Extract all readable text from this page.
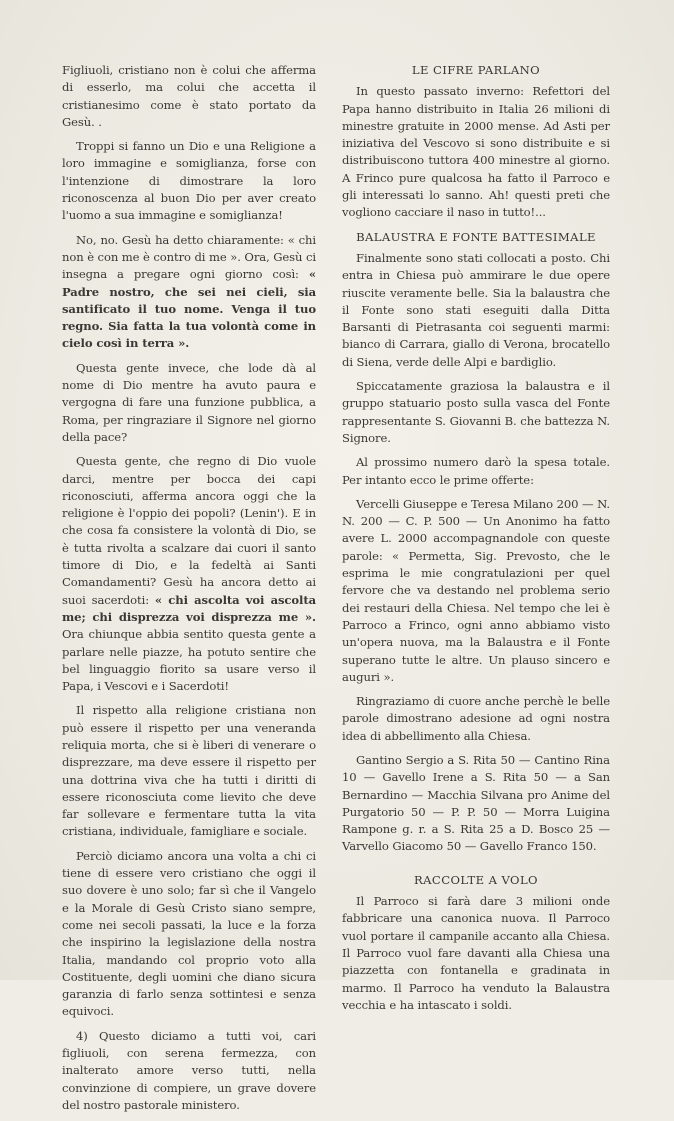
Figliuoli, cristiano non è colui che afferma di esserlo, ma colui che accetta il cristianesimo come è stato portato da Gesù. .

Troppi si fanno un Dio e una Religione a loro immagine e somiglianza, forse con l'intenzione di dimostrare la loro riconoscenza al buon Dio per aver creato l'uomo a sua immagine e somiglianza!

No, no. Gesù ha detto chiaramente: « chi non è con me è contro di me ». Ora, Gesù ci insegna a pregare ogni giorno così: « Padre nostro, che sei nei cieli, sia santificato il tuo nome. Venga il tuo regno. Sia fatta la tua volontà come in cielo così in terra ».

Questa gente invece, che lode dà al nome di Dio mentre ha avuto paura e vergogna di fare una funzione pubblica, a Roma, per ringraziare il Signore nel giorno della pace?

Questa gente, che regno di Dio vuole darci, mentre per bocca dei capi riconosciuti, afferma ancora oggi che la religione è l'oppio dei popoli? (Lenin'). E in che cosa fa consistere la volontà di Dio, se è tutta rivolta a scalzare dai cuori il santo timore di Dio, e la fedeltà ai Santi Comandamenti? Gesù ha ancora detto ai suoi sacerdoti: « chi ascolta voi ascolta me; chi disprezza voi disprezza me ». Ora chiunque abbia sentito questa gente a parlare nelle piazze, ha potuto sentire che bel linguaggio fiorito sa usare verso il Papa, i Vescovi e i Sacerdoti!

Il rispetto alla religione cristiana non può essere il rispetto per una veneranda reliquia morta, che si è liberi di venerare o disprezzare, ma deve essere il rispetto per una dottrina viva che ha tutti i diritti di essere riconosciuta come lievito che deve far sollevare e fermentare tutta la vita cristiana, individuale, famigliare e sociale.

Perciò diciamo ancora una volta a chi ci tiene di essere vero cristiano che oggi il suo dovere è uno solo; far sì che il Vangelo e la Morale di Gesù Cristo siano sempre, come nei secoli passati, la luce e la forza che inspirino la legislazione della nostra Italia, mandando col proprio voto alla Costituente, degli uomini che diano sicura garanzia di farlo senza sottintesi e senza equivoci.

4) Questo diciamo a tutti voi, cari figliuoli, con serena fermezza, con inalterato amore verso tutti, nella convinzione di compiere, un grave dovere del nostro pastorale ministero.

LE CIFRE PARLANO

In questo passato inverno: Refettori del Papa hanno distribuito in Italia 26 milioni di minestre gratuite in 2000 mense. Ad Asti per iniziativa del Vescovo si sono distribuite e si distribuiscono tuttora 400 minestre al giorno. A Frinco pure qualcosa ha fatto il Parroco e gli interessati lo sanno. Ah! questi preti che vogliono cacciare il naso in tutto!...

BALAUSTRA E FONTE BATTESIMALE

Finalmente sono stati collocati a posto. Chi entra in Chiesa può ammirare le due opere riuscite veramente belle. Sia la balaustra che il Fonte sono stati eseguiti dalla Ditta Barsanti di Pietrasanta coi seguenti marmi: bianco di Carrara, giallo di Verona, brocatello di Siena, verde delle Alpi e bardiglio.

Spiccatamente graziosa la balaustra e il gruppo statuario posto sulla vasca del Fonte rappresentante S. Giovanni B. che battezza N. Signore.

Al prossimo numero darò la spesa totale. Per intanto ecco le prime offerte:

Vercelli Giuseppe e Teresa Milano 200 — N. N. 200 — C. P. 500 — Un Anonimo ha fatto avere L. 2000 accompagnandole con queste parole: « Permetta, Sig. Prevosto, che le esprima le mie congratulazioni per quel fervore che va destando nel problema serio dei restauri della Chiesa. Nel tempo che lei è Parroco a Frinco, ogni anno abbiamo visto un'opera nuova, ma la Balaustra e il Fonte superano tutte le altre. Un plauso sincero e auguri ».

Ringraziamo di cuore anche perchè le belle parole dimostrano adesione ad ogni nostra idea di abbellimento alla Chiesa.

Gantino Sergio a S. Rita 50 — Cantino Rina 10 — Gavello Irene a S. Rita 50 — a San Bernardino — Macchia Silvana pro Anime del Purgatorio 50 — P. P. 50 — Morra Luigina Rampone g. r. a S. Rita 25 a D. Bosco 25 — Varvello Giacomo 50 — Gavello Franco 150.

RACCOLTE A VOLO

Il Parroco si farà dare 3 milioni onde fabbricare una canonica nuova. Il Parroco vuol portare il campanile accanto alla Chiesa. Il Parroco vuol fare davanti alla Chiesa una piazzetta con fontanella e gradinata in marmo. Il Parroco ha venduto la Balaustra vecchia e ha intascato i soldi.
